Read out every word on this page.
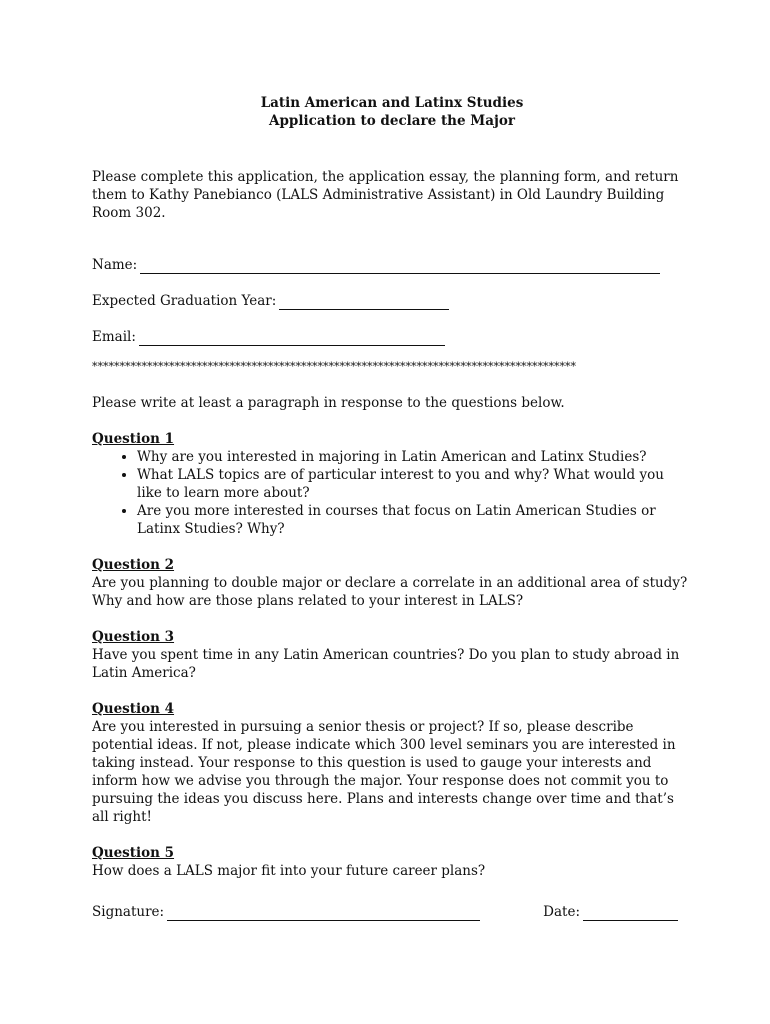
Latin American and Latinx Studies
Application to declare the Major
Please complete this application, the application essay, the planning form, and return them to Kathy Panebianco (LALS Administrative Assistant) in Old Laundry Building Room 302.
Name:
Expected Graduation Year:
Email:
****************************************************************************************
Please write at least a paragraph in response to the questions below.
Question 1
• Why are you interested in majoring in Latin American and Latinx Studies?
• What LALS topics are of particular interest to you and why? What would you like to learn more about?
• Are you more interested in courses that focus on Latin American Studies or Latinx Studies? Why?
Question 2
Are you planning to double major or declare a correlate in an additional area of study? Why and how are those plans related to your interest in LALS?
Question 3
Have you spent time in any Latin American countries? Do you plan to study abroad in Latin America?
Question 4
Are you interested in pursuing a senior thesis or project? If so, please describe potential ideas. If not, please indicate which 300 level seminars you are interested in taking instead. Your response to this question is used to gauge your interests and inform how we advise you through the major. Your response does not commit you to pursuing the ideas you discuss here. Plans and interests change over time and that’s all right!
Question 5
How does a LALS major fit into your future career plans?
Signature:	Date:
